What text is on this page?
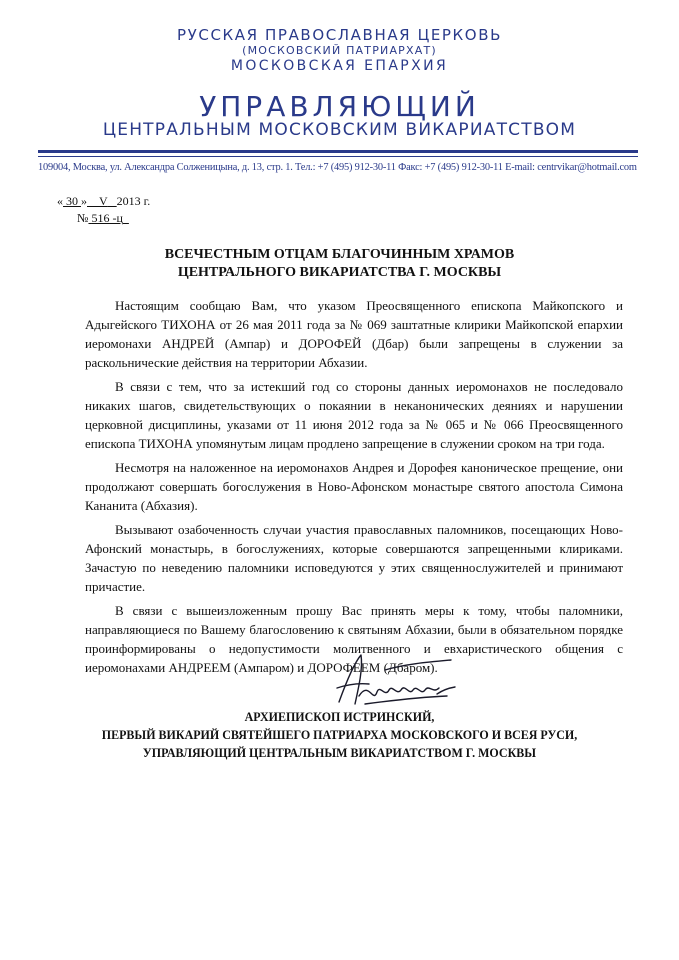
РУССКАЯ ПРАВОСЛАВНАЯ ЦЕРКОВЬ
(МОСКОВСКИЙ ПАТРИАРХАТ)
МОСКОВСКАЯ ЕПАРХИЯ
УПРАВЛЯЮЩИЙ
ЦЕНТРАЛЬНЫМ МОСКОВСКИМ ВИКАРИАТСТВОМ
109004, Москва, ул. Александра Солженицына, д. 13, стр. 1. Тел.: +7 (495) 912-30-11 Факс: +7 (495) 912-30-11 E-mail: centrvikar@hotmail.com
« 30 » V 2013 г.
№ 516 -ц
ВСЕЧЕСТНЫМ ОТЦАМ БЛАГОЧИННЫМ ХРАМОВ
ЦЕНТРАЛЬНОГО ВИКАРИАТСТВА Г. МОСКВЫ

Настоящим сообщаю Вам, что указом Преосвященного епископа Майкопского и Адыгейского ТИХОНА от 26 мая 2011 года за № 069 заштатные клирики Майкопской епархии иеромонахи АНДРЕЙ (Ампар) и ДОРОФЕЙ (Дбар) были запрещены в служении за раскольнические действия на территории Абхазии.

В связи с тем, что за истекший год со стороны данных иеромонахов не последовало никаких шагов, свидетельствующих о покаянии в неканонических деяниях и нарушении церковной дисциплины, указами от 11 июня 2012 года за № 065 и № 066 Преосвященного епископа ТИХОНА упомянутым лицам продлено запрещение в служении сроком на три года.

Несмотря на наложенное на иеромонахов Андрея и Дорофея каноническое прещение, они продолжают совершать богослужения в Ново-Афонском монастыре святого апостола Симона Кананита (Абхазия).

Вызывают озабоченность случаи участия православных паломников, посещающих Ново-Афонский монастырь, в богослужениях, которые совершаются запрещенными клириками. Зачастую по неведению паломники исповедуются у этих священнослужителей и принимают причастие.

В связи с вышеизложенным прошу Вас принять меры к тому, чтобы паломники, направляющиеся по Вашему благословению к святыням Абхазии, были в обязательном порядке проинформированы о недопустимости молитвенного и евхаристического общения с иеромонахами АНДРЕЕМ (Ампаром) и ДОРОФЕЕМ (Дбаром).

АРХИЕПИСКОП ИСТРИНСКИЙ,
ПЕРВЫЙ ВИКАРИЙ СВЯТЕЙШЕГО ПАТРИАРХА МОСКОВСКОГО И ВСЕЯ РУСИ,
УПРАВЛЯЮЩИЙ ЦЕНТРАЛЬНЫМ ВИКАРИАТСТВОМ Г. МОСКВЫ
